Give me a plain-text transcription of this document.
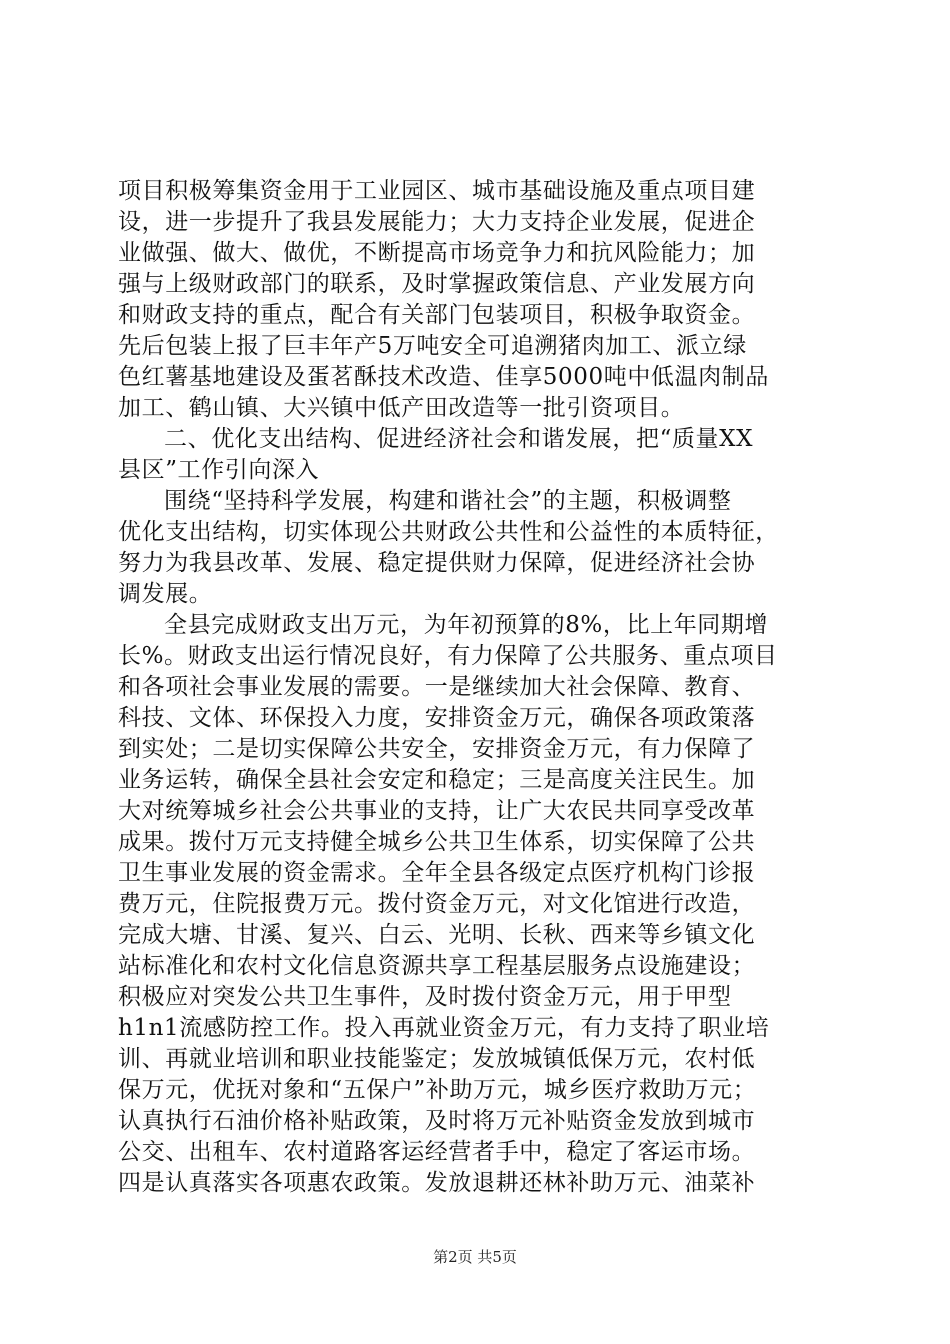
项目积极筹集资金用于工业园区、城市基础设施及重点项目建
设，进一步提升了我县发展能力；大力支持企业发展，促进企
业做强、做大、做优，不断提高市场竞争力和抗风险能力；加
强与上级财政部门的联系，及时掌握政策信息、产业发展方向
和财政支持的重点，配合有关部门包装项目，积极争取资金。
先后包装上报了巨丰年产5万吨安全可追溯猪肉加工、派立绿
色红薯基地建设及蛋茗酥技术改造、佳享5000吨中低温肉制品
加工、鹤山镇、大兴镇中低产田改造等一批引资项目。
二、优化支出结构、促进经济社会和谐发展，把“质量XX
县区”工作引向深入
围绕“坚持科学发展，构建和谐社会”的主题，积极调整
优化支出结构，切实体现公共财政公共性和公益性的本质特征，
努力为我县改革、发展、稳定提供财力保障，促进经济社会协
调发展。
全县完成财政支出万元，为年初预算的8%，比上年同期增
长%。财政支出运行情况良好，有力保障了公共服务、重点项目
和各项社会事业发展的需要。一是继续加大社会保障、教育、
科技、文体、环保投入力度，安排资金万元，确保各项政策落
到实处；二是切实保障公共安全，安排资金万元，有力保障了
业务运转，确保全县社会安定和稳定；三是高度关注民生。加
大对统筹城乡社会公共事业的支持，让广大农民共同享受改革
成果。拨付万元支持健全城乡公共卫生体系，切实保障了公共
卫生事业发展的资金需求。全年全县各级定点医疗机构门诊报
费万元，住院报费万元。拨付资金万元，对文化馆进行改造，
完成大塘、甘溪、复兴、白云、光明、长秋、西来等乡镇文化
站标准化和农村文化信息资源共享工程基层服务点设施建设；
积极应对突发公共卫生事件，及时拨付资金万元，用于甲型
h1n1流感防控工作。投入再就业资金万元，有力支持了职业培
训、再就业培训和职业技能鉴定；发放城镇低保万元，农村低
保万元，优抚对象和“五保户”补助万元，城乡医疗救助万元；
认真执行石油价格补贴政策，及时将万元补贴资金发放到城市
公交、出租车、农村道路客运经营者手中，稳定了客运市场。
四是认真落实各项惠农政策。发放退耕还林补助万元、油菜补
第2页 共5页
